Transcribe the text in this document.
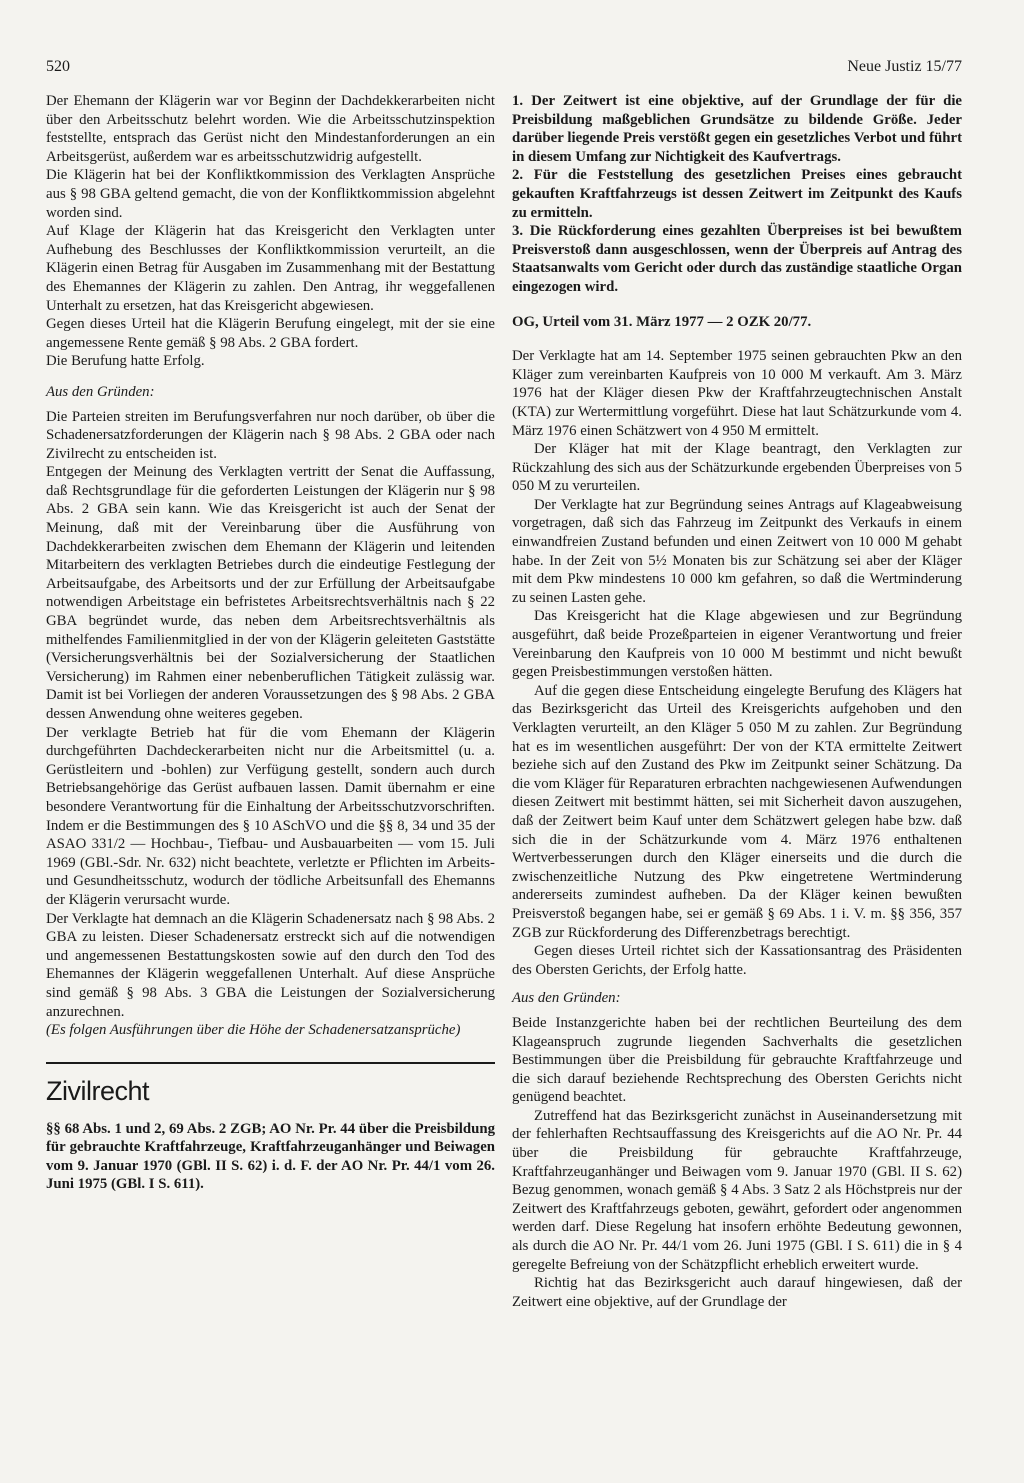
520	Neue Justiz 15/77

Der Ehemann der Klägerin war vor Beginn der Dachdekkerarbeiten nicht über den Arbeitsschutz belehrt worden. Wie die Arbeitsschutzinspektion feststellte, entsprach das Gerüst nicht den Mindestanforderungen an ein Arbeitsgerüst, außerdem war es arbeitsschutzwidrig aufgestellt.

Die Klägerin hat bei der Konfliktkommission des Verklagten Ansprüche aus § 98 GBA geltend gemacht, die von der Konfliktkommission abgelehnt worden sind.

Auf Klage der Klägerin hat das Kreisgericht den Verklagten unter Aufhebung des Beschlusses der Konfliktkommission verurteilt, an die Klägerin einen Betrag für Ausgaben im Zusammenhang mit der Bestattung des Ehemannes der Klägerin zu zahlen. Den Antrag, ihr weggefallenen Unterhalt zu ersetzen, hat das Kreisgericht abgewiesen.

Gegen dieses Urteil hat die Klägerin Berufung eingelegt, mit der sie eine angemessene Rente gemäß § 98 Abs. 2 GBA fordert.

Die Berufung hatte Erfolg.

Aus den Gründen:

Die Parteien streiten im Berufungsverfahren nur noch darüber, ob über die Schadenersatzforderungen der Klägerin nach § 98 Abs. 2 GBA oder nach Zivilrecht zu entscheiden ist.

Entgegen der Meinung des Verklagten vertritt der Senat die Auffassung, daß Rechtsgrundlage für die geforderten Leistungen der Klägerin nur § 98 Abs. 2 GBA sein kann. Wie das Kreisgericht ist auch der Senat der Meinung, daß mit der Vereinbarung über die Ausführung von Dachdekkerarbeiten zwischen dem Ehemann der Klägerin und leitenden Mitarbeitern des verklagten Betriebes durch die eindeutige Festlegung der Arbeitsaufgabe, des Arbeitsorts und der zur Erfüllung der Arbeitsaufgabe notwendigen Arbeitstage ein befristetes Arbeitsrechtsverhältnis nach § 22 GBA begründet wurde, das neben dem Arbeitsrechtsverhältnis als mithelfendes Familienmitglied in der von der Klägerin geleiteten Gaststätte (Versicherungsverhältnis bei der Sozialversicherung der Staatlichen Versicherung) im Rahmen einer nebenberuflichen Tätigkeit zulässig war. Damit ist bei Vorliegen der anderen Voraussetzungen des § 98 Abs. 2 GBA dessen Anwendung ohne weiteres gegeben.

Der verklagte Betrieb hat für die vom Ehemann der Klägerin durchgeführten Dachdeckerarbeiten nicht nur die Arbeitsmittel (u. a. Gerüstleitern und -bohlen) zur Verfügung gestellt, sondern auch durch Betriebsangehörige das Gerüst aufbauen lassen. Damit übernahm er eine besondere Verantwortung für die Einhaltung der Arbeitsschutzvorschriften. Indem er die Bestimmungen des § 10 ASchVO und die §§ 8, 34 und 35 der ASAO 331/2 — Hochbau-, Tiefbau- und Ausbauarbeiten — vom 15. Juli 1969 (GBl.-Sdr. Nr. 632) nicht beachtete, verletzte er Pflichten im Arbeits- und Gesundheitsschutz, wodurch der tödliche Arbeitsunfall des Ehemanns der Klägerin verursacht wurde.

Der Verklagte hat demnach an die Klägerin Schadenersatz nach § 98 Abs. 2 GBA zu leisten. Dieser Schadenersatz erstreckt sich auf die notwendigen und angemessenen Bestattungskosten sowie auf den durch den Tod des Ehemannes der Klägerin weggefallenen Unterhalt. Auf diese Ansprüche sind gemäß § 98 Abs. 3 GBA die Leistungen der Sozialversicherung anzurechnen.

(Es folgen Ausführungen über die Höhe der Schadenersatzansprüche)

Zivilrecht

§§ 68 Abs. 1 und 2, 69 Abs. 2 ZGB; AO Nr. Pr. 44 über die Preisbildung für gebrauchte Kraftfahrzeuge, Kraftfahrzeuganhänger und Beiwagen vom 9. Januar 1970 (GBl. II S. 62) i. d. F. der AO Nr. Pr. 44/1 vom 26. Juni 1975 (GBl. I S. 611).

1. Der Zeitwert ist eine objektive, auf der Grundlage der für die Preisbildung maßgeblichen Grundsätze zu bildende Größe. Jeder darüber liegende Preis verstößt gegen ein gesetzliches Verbot und führt in diesem Umfang zur Nichtigkeit des Kaufvertrags.

2. Für die Feststellung des gesetzlichen Preises eines gebraucht gekauften Kraftfahrzeugs ist dessen Zeitwert im Zeitpunkt des Kaufs zu ermitteln.

3. Die Rückforderung eines gezahlten Überpreises ist bei bewußtem Preisverstoß dann ausgeschlossen, wenn der Überpreis auf Antrag des Staatsanwalts vom Gericht oder durch das zuständige staatliche Organ eingezogen wird.

OG, Urteil vom 31. März 1977 — 2 OZK 20/77.

Der Verklagte hat am 14. September 1975 seinen gebrauchten Pkw an den Kläger zum vereinbarten Kaufpreis von 10 000 M verkauft. Am 3. März 1976 hat der Kläger diesen Pkw der Kraftfahrzeugtechnischen Anstalt (KTA) zur Wertermittlung vorgeführt. Diese hat laut Schätzurkunde vom 4. März 1976 einen Schätzwert von 4 950 M ermittelt.

Der Kläger hat mit der Klage beantragt, den Verklagten zur Rückzahlung des sich aus der Schätzurkunde ergebenden Überpreises von 5 050 M zu verurteilen.

Der Verklagte hat zur Begründung seines Antrags auf Klageabweisung vorgetragen, daß sich das Fahrzeug im Zeitpunkt des Verkaufs in einem einwandfreien Zustand befunden und einen Zeitwert von 10 000 M gehabt habe. In der Zeit von 5½ Monaten bis zur Schätzung sei aber der Kläger mit dem Pkw mindestens 10 000 km gefahren, so daß die Wertminderung zu seinen Lasten gehe.

Das Kreisgericht hat die Klage abgewiesen und zur Begründung ausgeführt, daß beide Prozeßparteien in eigener Verantwortung und freier Vereinbarung den Kaufpreis von 10 000 M bestimmt und nicht bewußt gegen Preisbestimmungen verstoßen hätten.

Auf die gegen diese Entscheidung eingelegte Berufung des Klägers hat das Bezirksgericht das Urteil des Kreisgerichts aufgehoben und den Verklagten verurteilt, an den Kläger 5 050 M zu zahlen. Zur Begründung hat es im wesentlichen ausgeführt: Der von der KTA ermittelte Zeitwert beziehe sich auf den Zustand des Pkw im Zeitpunkt seiner Schätzung. Da die vom Kläger für Reparaturen erbrachten nachgewiesenen Aufwendungen diesen Zeitwert mit bestimmt hätten, sei mit Sicherheit davon auszugehen, daß der Zeitwert beim Kauf unter dem Schätzwert gelegen habe bzw. daß sich die in der Schätzurkunde vom 4. März 1976 enthaltenen Wertverbesserungen durch den Kläger einerseits und die durch die zwischenzeitliche Nutzung des Pkw eingetretene Wertminderung andererseits zumindest aufheben. Da der Kläger keinen bewußten Preisverstoß begangen habe, sei er gemäß § 69 Abs. 1 i. V. m. §§ 356, 357 ZGB zur Rückforderung des Differenzbetrags berechtigt.

Gegen dieses Urteil richtet sich der Kassationsantrag des Präsidenten des Obersten Gerichts, der Erfolg hatte.

Aus den Gründen:

Beide Instanzgerichte haben bei der rechtlichen Beurteilung des dem Klageanspruch zugrunde liegenden Sachverhalts die gesetzlichen Bestimmungen über die Preisbildung für gebrauchte Kraftfahrzeuge und die sich darauf beziehende Rechtsprechung des Obersten Gerichts nicht genügend beachtet.

Zutreffend hat das Bezirksgericht zunächst in Auseinandersetzung mit der fehlerhaften Rechtsauffassung des Kreisgerichts auf die AO Nr. Pr. 44 über die Preisbildung für gebrauchte Kraftfahrzeuge, Kraftfahrzeuganhänger und Beiwagen vom 9. Januar 1970 (GBl. II S. 62) Bezug genommen, wonach gemäß § 4 Abs. 3 Satz 2 als Höchstpreis nur der Zeitwert des Kraftfahrzeugs geboten, gewährt, gefordert oder angenommen werden darf. Diese Regelung hat insofern erhöhte Bedeutung gewonnen, als durch die AO Nr. Pr. 44/1 vom 26. Juni 1975 (GBl. I S. 611) die in § 4 geregelte Befreiung von der Schätzpflicht erheblich erweitert wurde.

Richtig hat das Bezirksgericht auch darauf hingewiesen, daß der Zeitwert eine objektive, auf der Grundlage der
